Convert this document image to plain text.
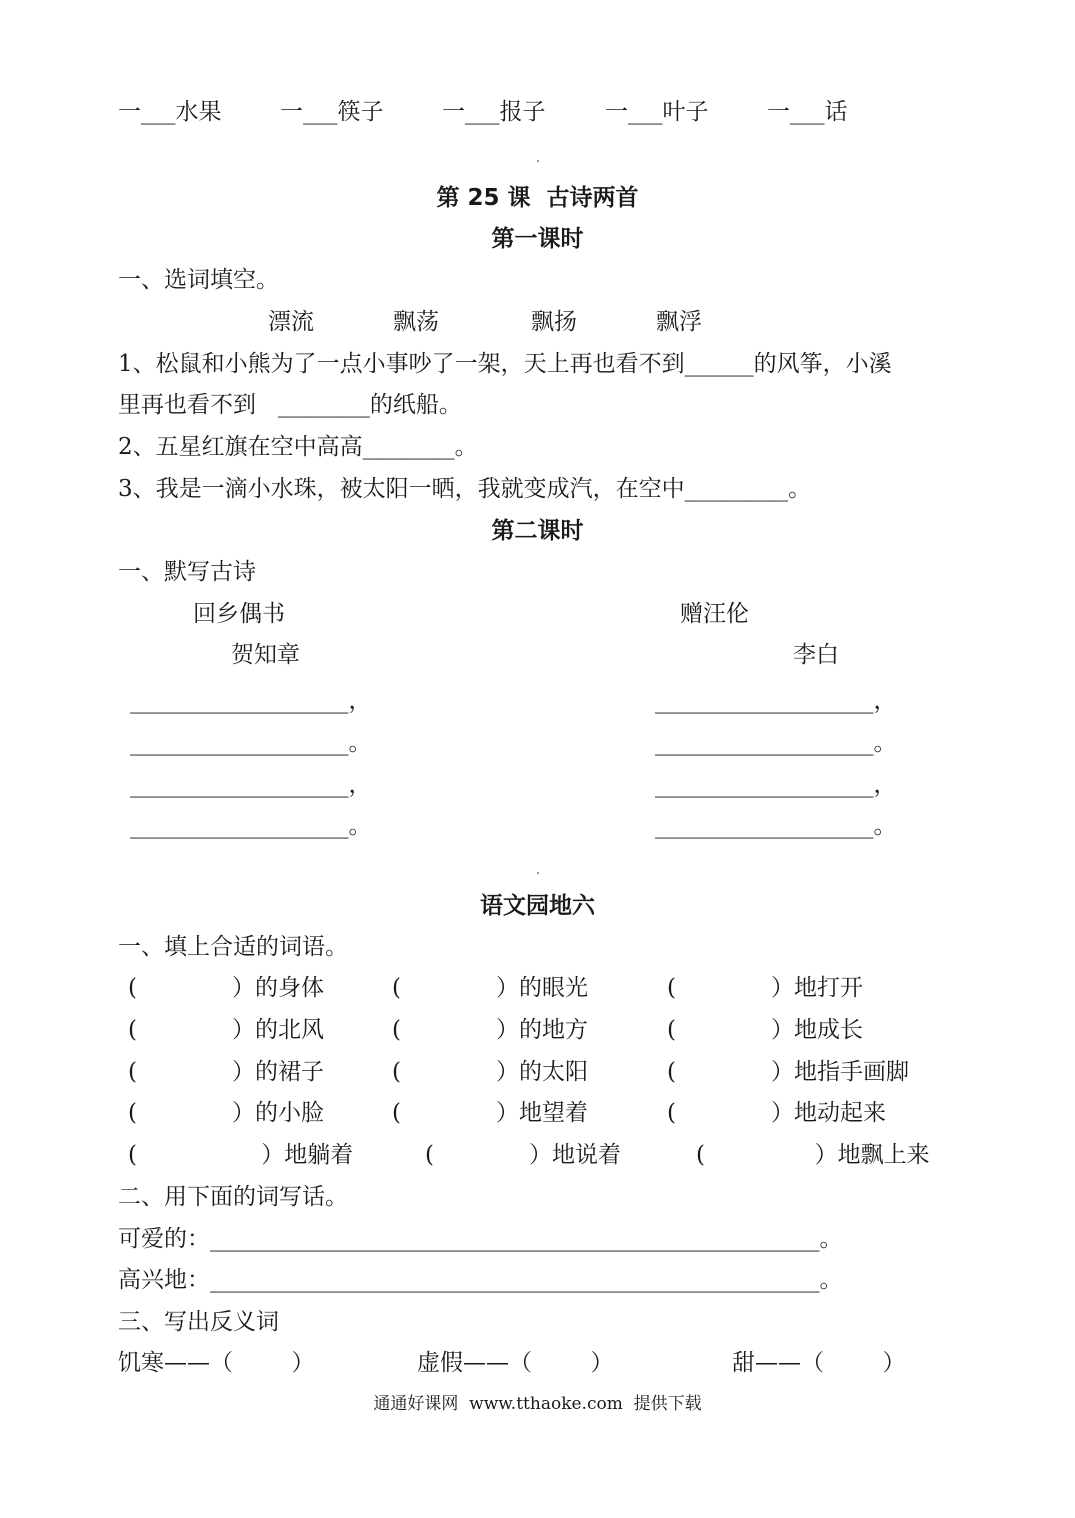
一___水果	一___筷子	一___报子	一___叶子	一___话
第 25 课  古诗两首
第一课时
一、选词填空。
漂流	飘荡	飘扬	飘浮
1、松鼠和小熊为了一点小事吵了一架，天上再也看不到______的风筝，小溪
里再也看不到   ________的纸船。
2、五星红旗在空中高高________。
3、我是一滴小水珠，被太阳一晒，我就变成汽，在空中_________。
第二课时
一、默写古诗
回乡偶书	赠汪伦
贺知章	李白
___________________，
___________________。
___________________，
___________________。
___________________，
___________________。
___________________，
___________________。
语文园地六
一、填上合适的词语。
(             ）的身体	(             ）的眼光	(             ）地打开
(             ）的北风	(             ）的地方	(             ）地成长
(             ）的裙子	(             ）的太阳	(             ）地指手画脚
(             ）的小脸	(             ）地望着	(             ）地动起来
(                 ）地躺着	(             ）地说着	(               ）地飘上来
二、用下面的词写话。
可爱的：_____________________________________________________。
高兴地：_____________________________________________________。
三、写出反义词
饥寒——（        ）	虚假——（        ）	甜——（        ）
通通好课网  www.tthaoke.com  提供下载
